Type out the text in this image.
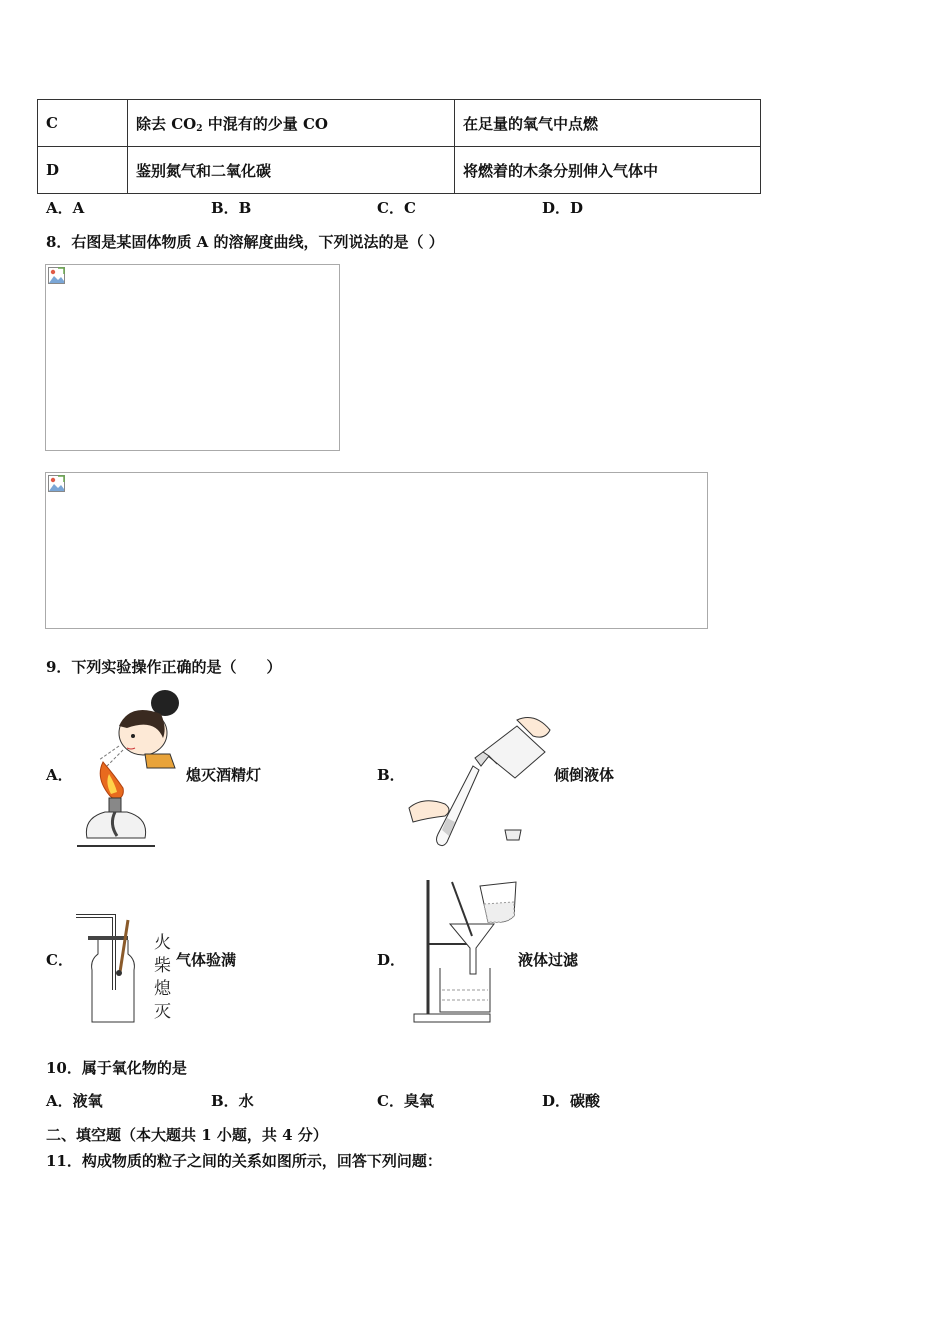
C	除去 $CO_2$ 中混有的少量 CO	在足量的氧气中点燃
D	鉴别氮气和二氧化碳	将燃着的木条分别伸入气体中
A．A	B．B	C．C	D．D
8．右图是某固体物质 A 的溶解度曲线，下列说法的是（ ）
9．下列实验操作正确的是（　　）
A．	熄灭酒精灯	B．	倾倒液体
C．
火
柴
熄
灭
气体验满	D．	液体过滤
10．属于氧化物的是
A．液氧	B．水	C．臭氧	D．碳酸
二、填空题（本大题共 1 小题，共 4 分）
11．构成物质的粒子之间的关系如图所示，回答下列问题：
